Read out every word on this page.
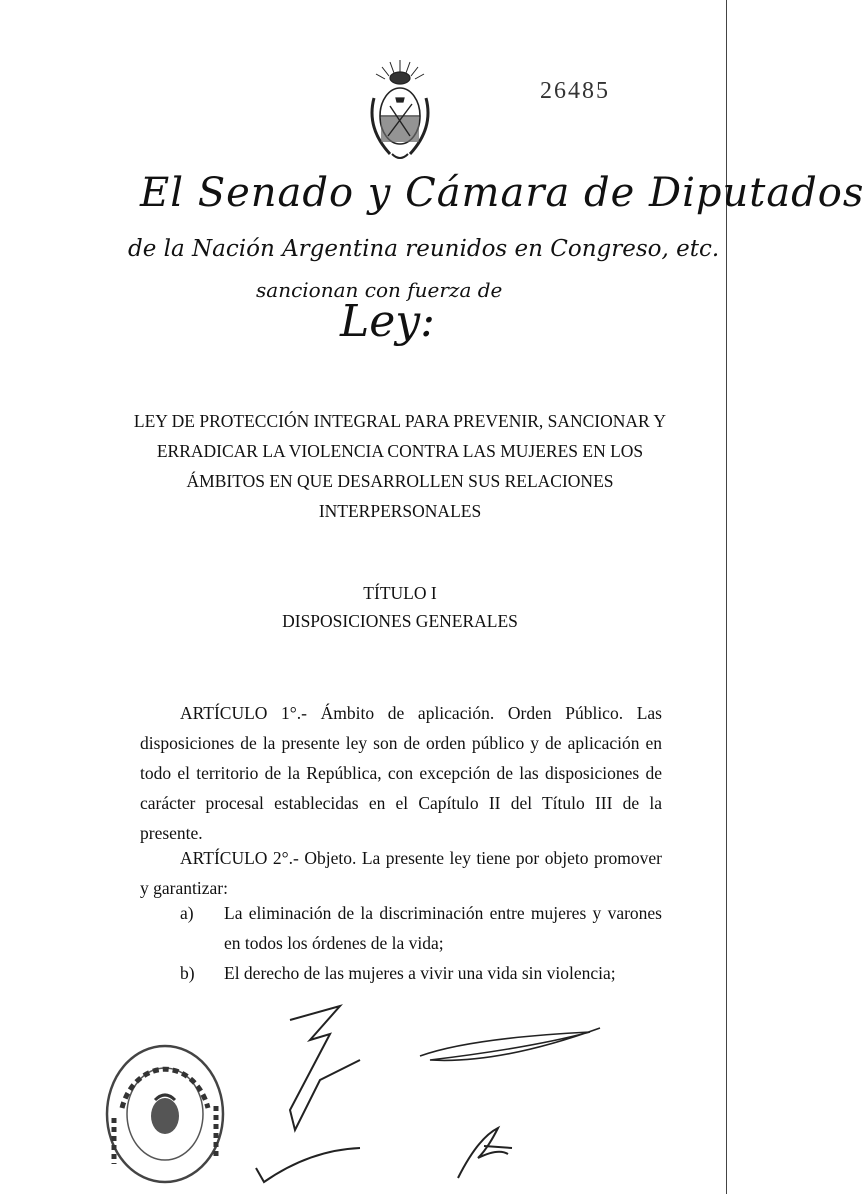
26485
El Senado y Cámara de Diputados
de la Nación Argentina reunidos en Congreso, etc.
sancionan con fuerza de
Ley:
LEY DE PROTECCIÓN INTEGRAL PARA PREVENIR, SANCIONAR Y
ERRADICAR LA VIOLENCIA CONTRA LAS MUJERES EN LOS
ÁMBITOS EN QUE DESARROLLEN SUS RELACIONES
INTERPERSONALES
TÍTULO I
DISPOSICIONES GENERALES
ARTÍCULO 1°.- Ámbito de aplicación. Orden Público. Las disposiciones de la presente ley son de orden público y de aplicación en todo el territorio de la República, con excepción de las disposiciones de carácter procesal establecidas en el Capítulo II del Título III de la presente.
ARTÍCULO 2°.- Objeto. La presente ley tiene por objeto promover y garantizar:
a)	La eliminación de la discriminación entre mujeres y varones en todos los órdenes de la vida;
b)	El derecho de las mujeres a vivir una vida sin violencia;
